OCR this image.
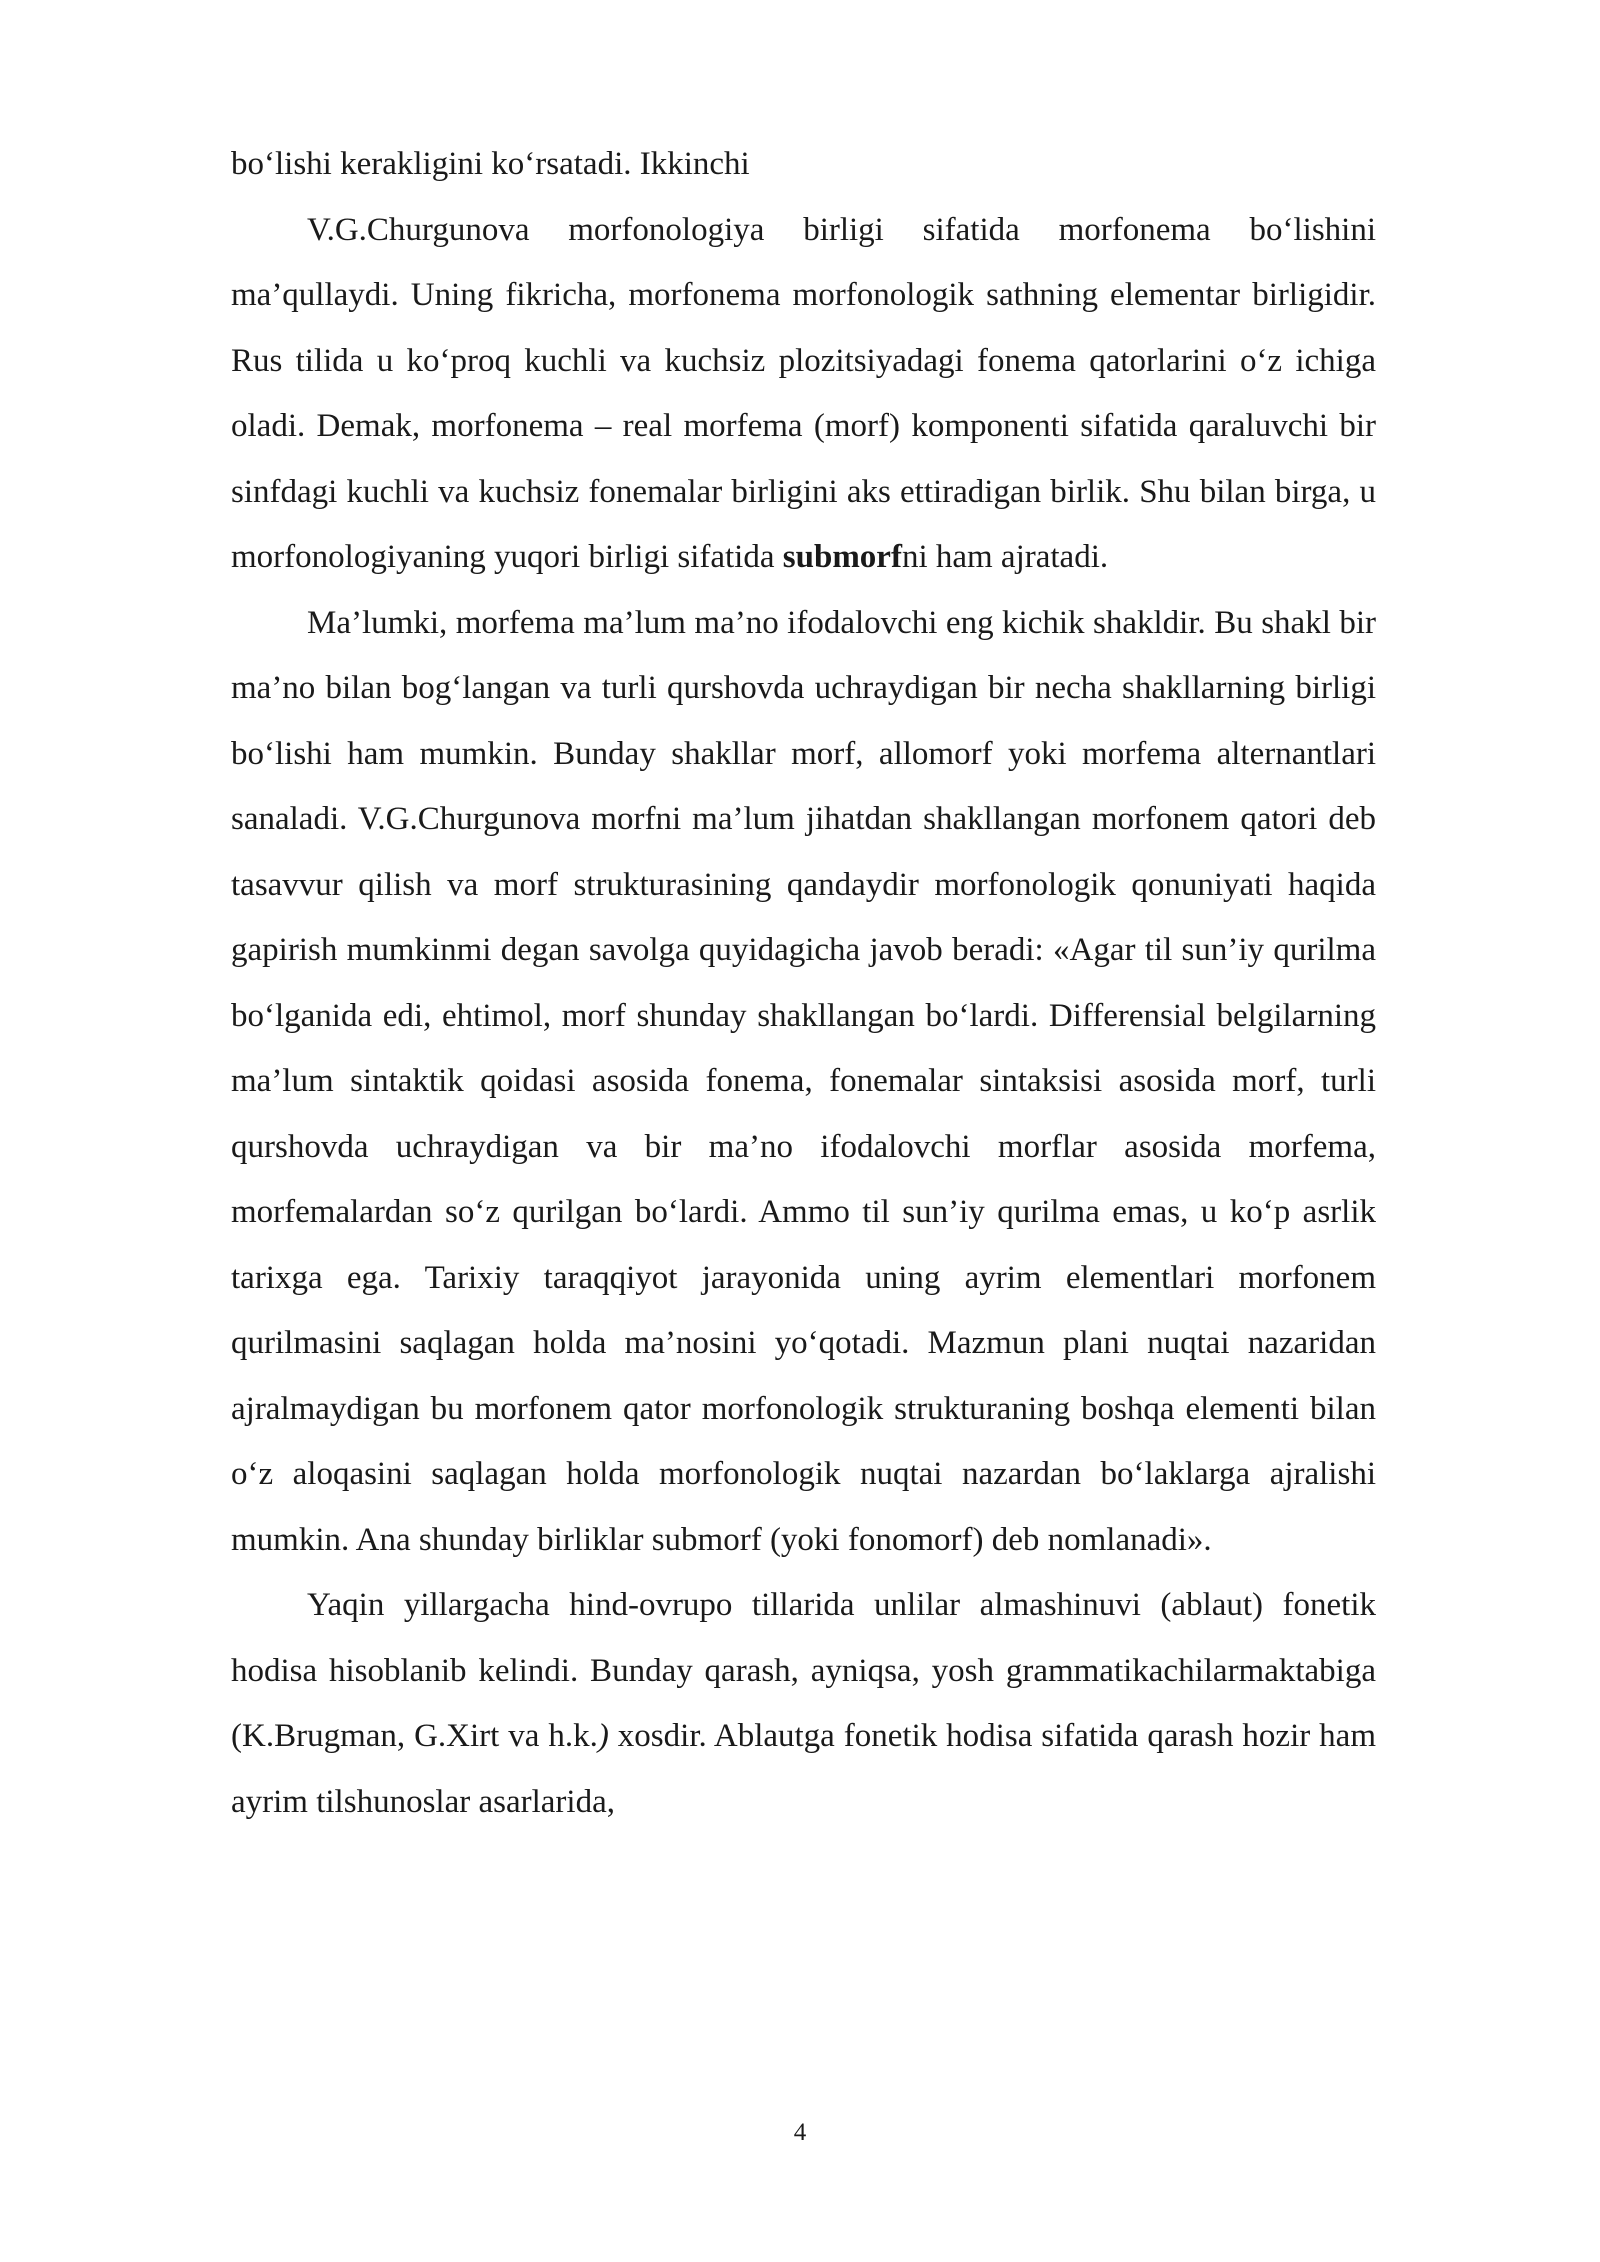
bo‘lishi kerakligini ko‘rsatadi. Ikkinchi

V.G.Churgunova morfonologiya birligi sifatida morfonema bo‘lishini ma’qullaydi. Uning fikricha, morfonema morfonologik sathning elementar birligidir. Rus tilida u ko‘proq kuchli va kuchsiz plozitsiyadagi fonema qatorlarini o‘z ichiga oladi. Demak, morfonema – real morfema (morf) komponenti sifatida qaraluvchi bir sinfdagi kuchli va kuchsiz fonemalar birligini aks ettiradigan birlik. Shu bilan birga, u morfonologiyaning yuqori birligi sifatida submorfni ham ajratadi.

Ma’lumki, morfema ma’lum ma’no ifodalovchi eng kichik shakldir. Bu shakl bir ma’no bilan bog‘langan va turli qurshovda uchraydigan bir necha shakllarning birligi bo‘lishi ham mumkin. Bunday shakllar morf, allomorf yoki morfema alternantlari sanaladi. V.G.Churgunova morfni ma’lum jihatdan shakllangan morfonem qatori deb tasavvur qilish va morf strukturasining qandaydir morfonologik qonuniyati haqida gapirish mumkinmi degan savolga quyidagicha javob beradi: «Agar til sun’iy qurilma bo‘lganida edi, ehtimol, morf shunday shakllangan bo‘lardi. Differensial belgilarning ma’lum sintaktik qoidasi asosida fonema, fonemalar sintaksisi asosida morf, turli qurshovda uchraydigan va bir ma’no ifodalovchi morflar asosida morfema, morfemalardan so‘z qurilgan bo‘lardi. Ammo til sun’iy qurilma emas, u ko‘p asrlik tarixga ega. Tarixiy taraqqiyot jarayonida uning ayrim elementlari morfonem qurilmasini saqlagan holda ma’nosini yo‘qotadi. Mazmun plani nuqtai nazaridan ajralmaydigan bu morfonem qator morfonologik strukturaning boshqa elementi bilan o‘z aloqasini saqlagan holda morfonologik nuqtai nazardan bo‘laklarga ajralishi mumkin. Ana shunday birliklar submorf (yoki fonomorf) deb nomlanadi».

Yaqin yillargacha hind-ovrupo tillarida unlilar almashinuvi (ablaut) fonetik hodisa hisoblanib kelindi. Bunday qarash, ayniqsa, yosh grammatikachilarmaktabiga (K.Brugman, G.Xirt va h.k.) xosdir. Ablautga fonetik hodisa sifatida qarash hozir ham ayrim tilshunoslar asarlarida,

4
